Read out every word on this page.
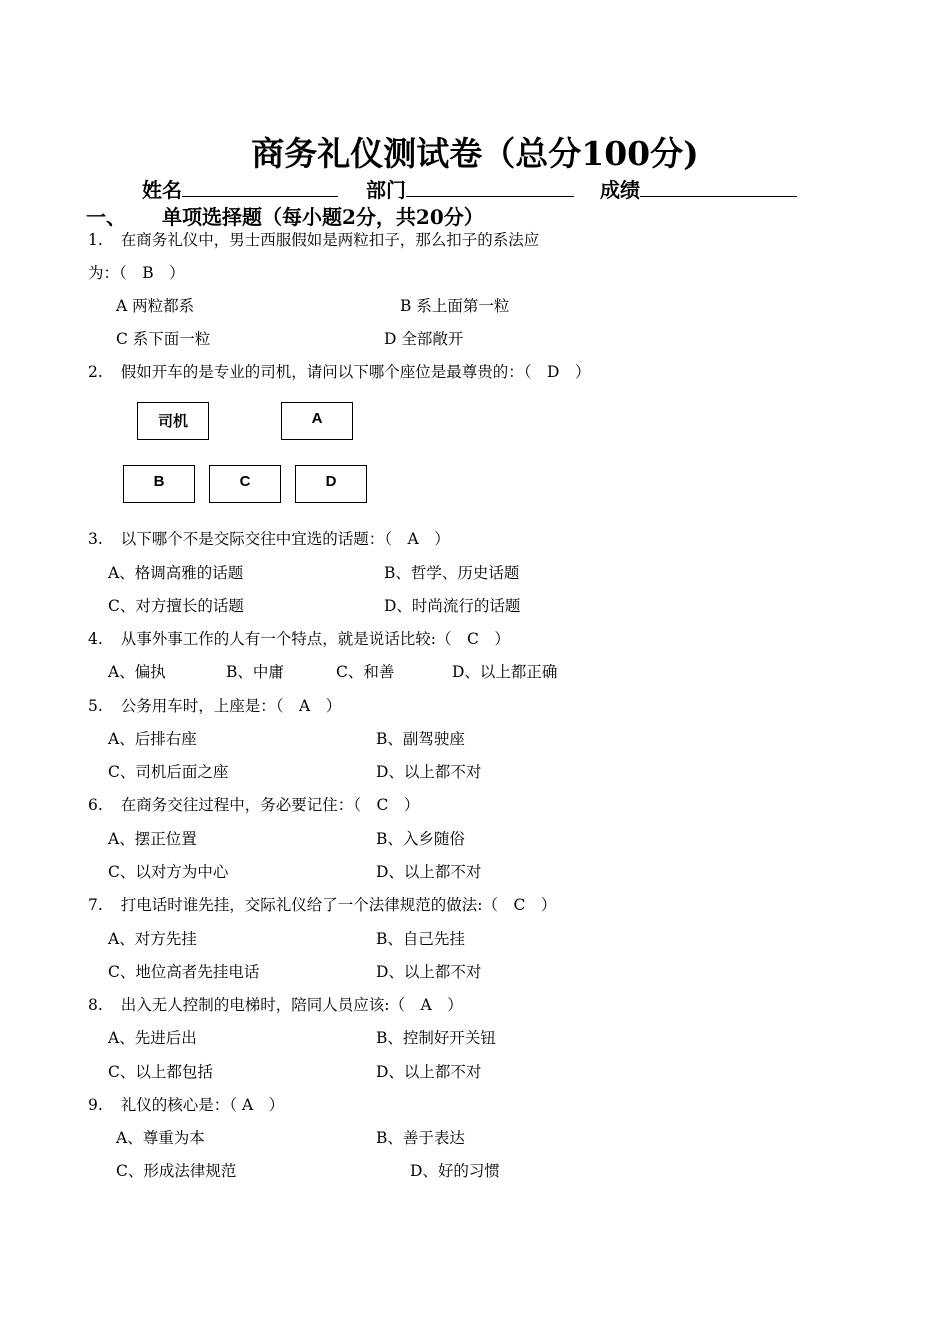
商务礼仪测试卷（总分100分)
姓名	部门	成绩
一、 单项选择题（每小题2分，共20分）
1. 在商务礼仪中，男士西服假如是两粒扣子，那么扣子的系法应
为：（　B　）
A 两粒都系	B 系上面第一粒
C 系下面一粒	D 全部敞开
2. 假如开车的是专业的司机，请问以下哪个座位是最尊贵的：（　D　）
司机	A
B	C	D
3. 以下哪个不是交际交往中宜选的话题：（　A　）
A、格调高雅的话题	B、哲学、历史话题
C、对方擅长的话题	D、时尚流行的话题
4. 从事外事工作的人有一个特点，就是说话比较:（　C　）
A、偏执	B、中庸	C、和善	D、以上都正确
5. 公务用车时，上座是：（　A　）
A、后排右座	B、副驾驶座
C、司机后面之座	D、以上都不对
6. 在商务交往过程中，务必要记住：（　C　）
A、摆正位置	B、入乡随俗
C、以对方为中心	D、以上都不对
7. 打电话时谁先挂，交际礼仪给了一个法律规范的做法:（　C　）
A、对方先挂	B、自己先挂
C、地位高者先挂电话	D、以上都不对
8. 出入无人控制的电梯时，陪同人员应该:（　A　）
A、先进后出	B、控制好开关钮
C、以上都包括	D、以上都不对
9. 礼仪的核心是：（ A　）
A、尊重为本	B、善于表达
C、形成法律规范	D、好的习惯
